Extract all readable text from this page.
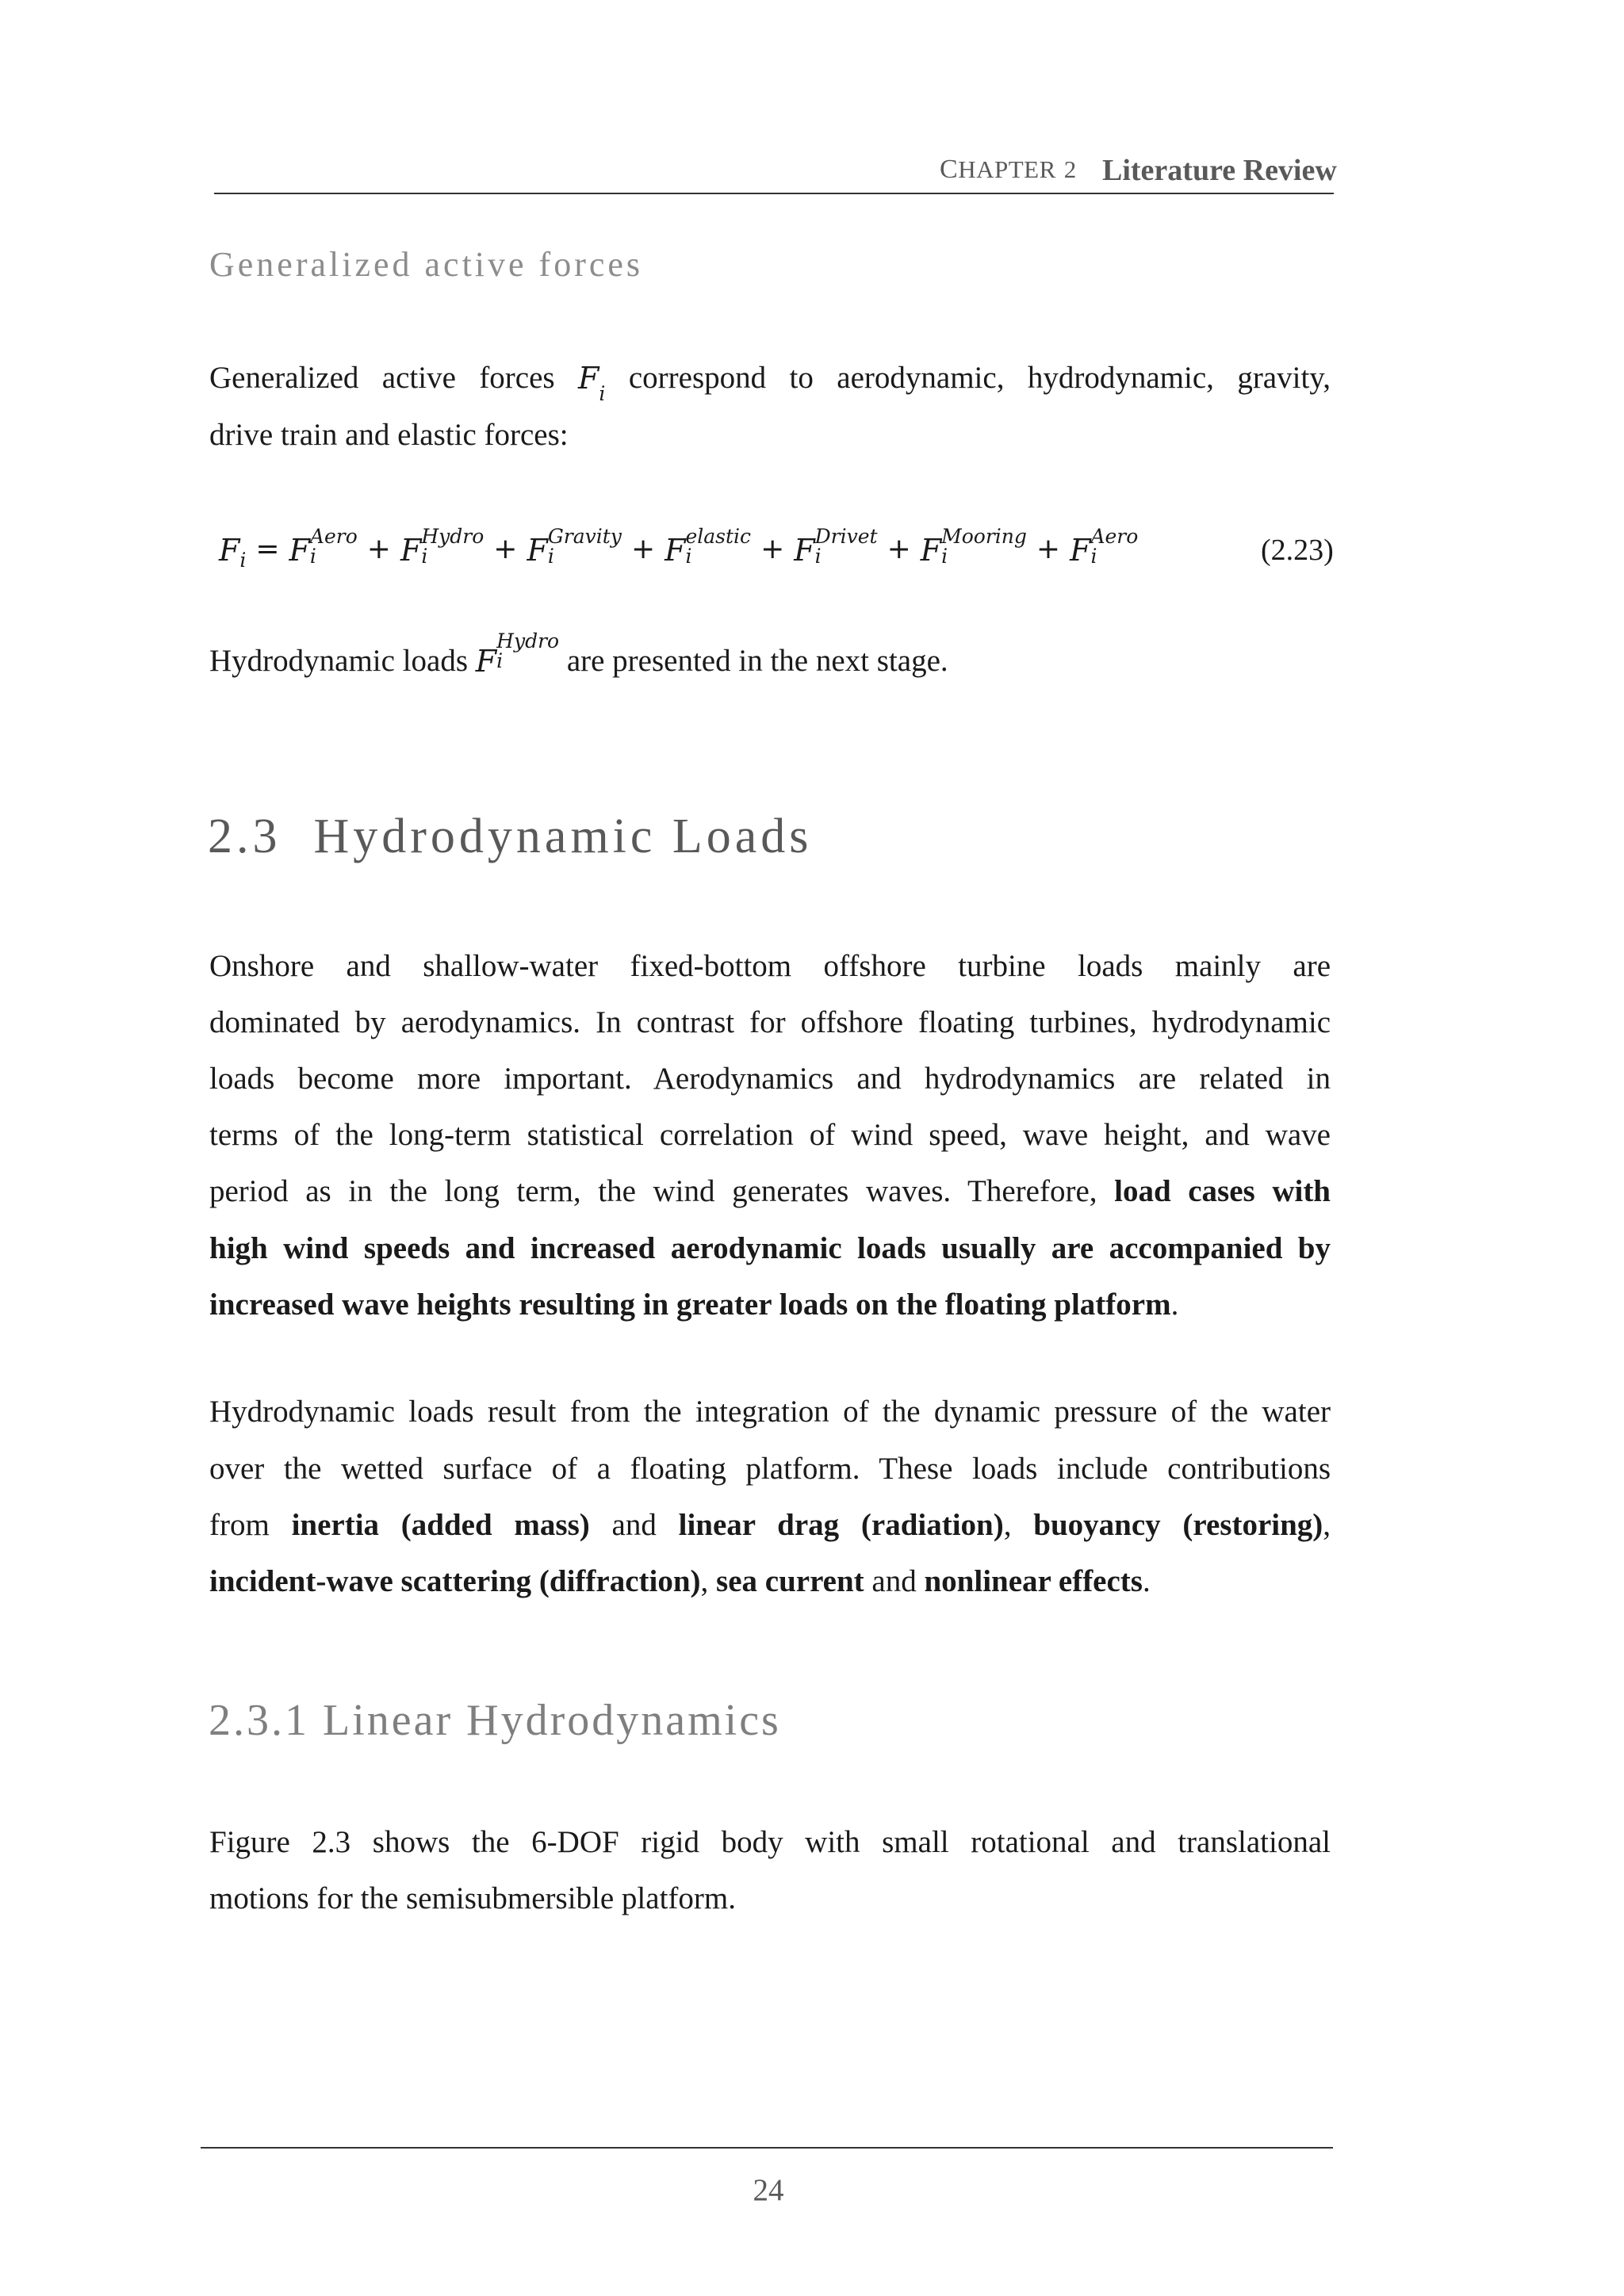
CHAPTER 2 Literature Review
Generalized active forces
Generalized active forces F i correspond to aerodynamic, hydrodynamic, gravity,
drive train and elastic forces:
F i = F Aero
i	+ F Hydro
i	+ F Gravity
i	+ F elastic
i	+ F Drivet
i	+ F Mooring
i	+ F Aero
i	(2.23)
Hydrodynamic loads F
Hydro
i	are presented in the next stage.
2.3 Hydrodynamic Loads
Onshore and shallow-water fixed-bottom offshore turbine loads mainly are
dominated by aerodynamics. In contrast for offshore floating turbines, hydrodynamic
loads become more important. Aerodynamics and hydrodynamics are related in
terms of the long-term statistical correlation of wind speed, wave height, and wave
period as in the long term, the wind generates waves. Therefore, load cases with
high wind speeds and increased aerodynamic loads usually are accompanied by
increased wave heights resulting in greater loads on the floating platform.
Hydrodynamic loads result from the integration of the dynamic pressure of the water
over the wetted surface of a floating platform. These loads include contributions
from inertia (added mass) and linear drag (radiation), buoyancy (restoring),
incident-wave scattering (diffraction), sea current and nonlinear effects.
2.3.1 Linear Hydrodynamics
Figure 2.3 shows the 6-DOF rigid body with small rotational and translational
motions for the semisubmersible platform.
24
